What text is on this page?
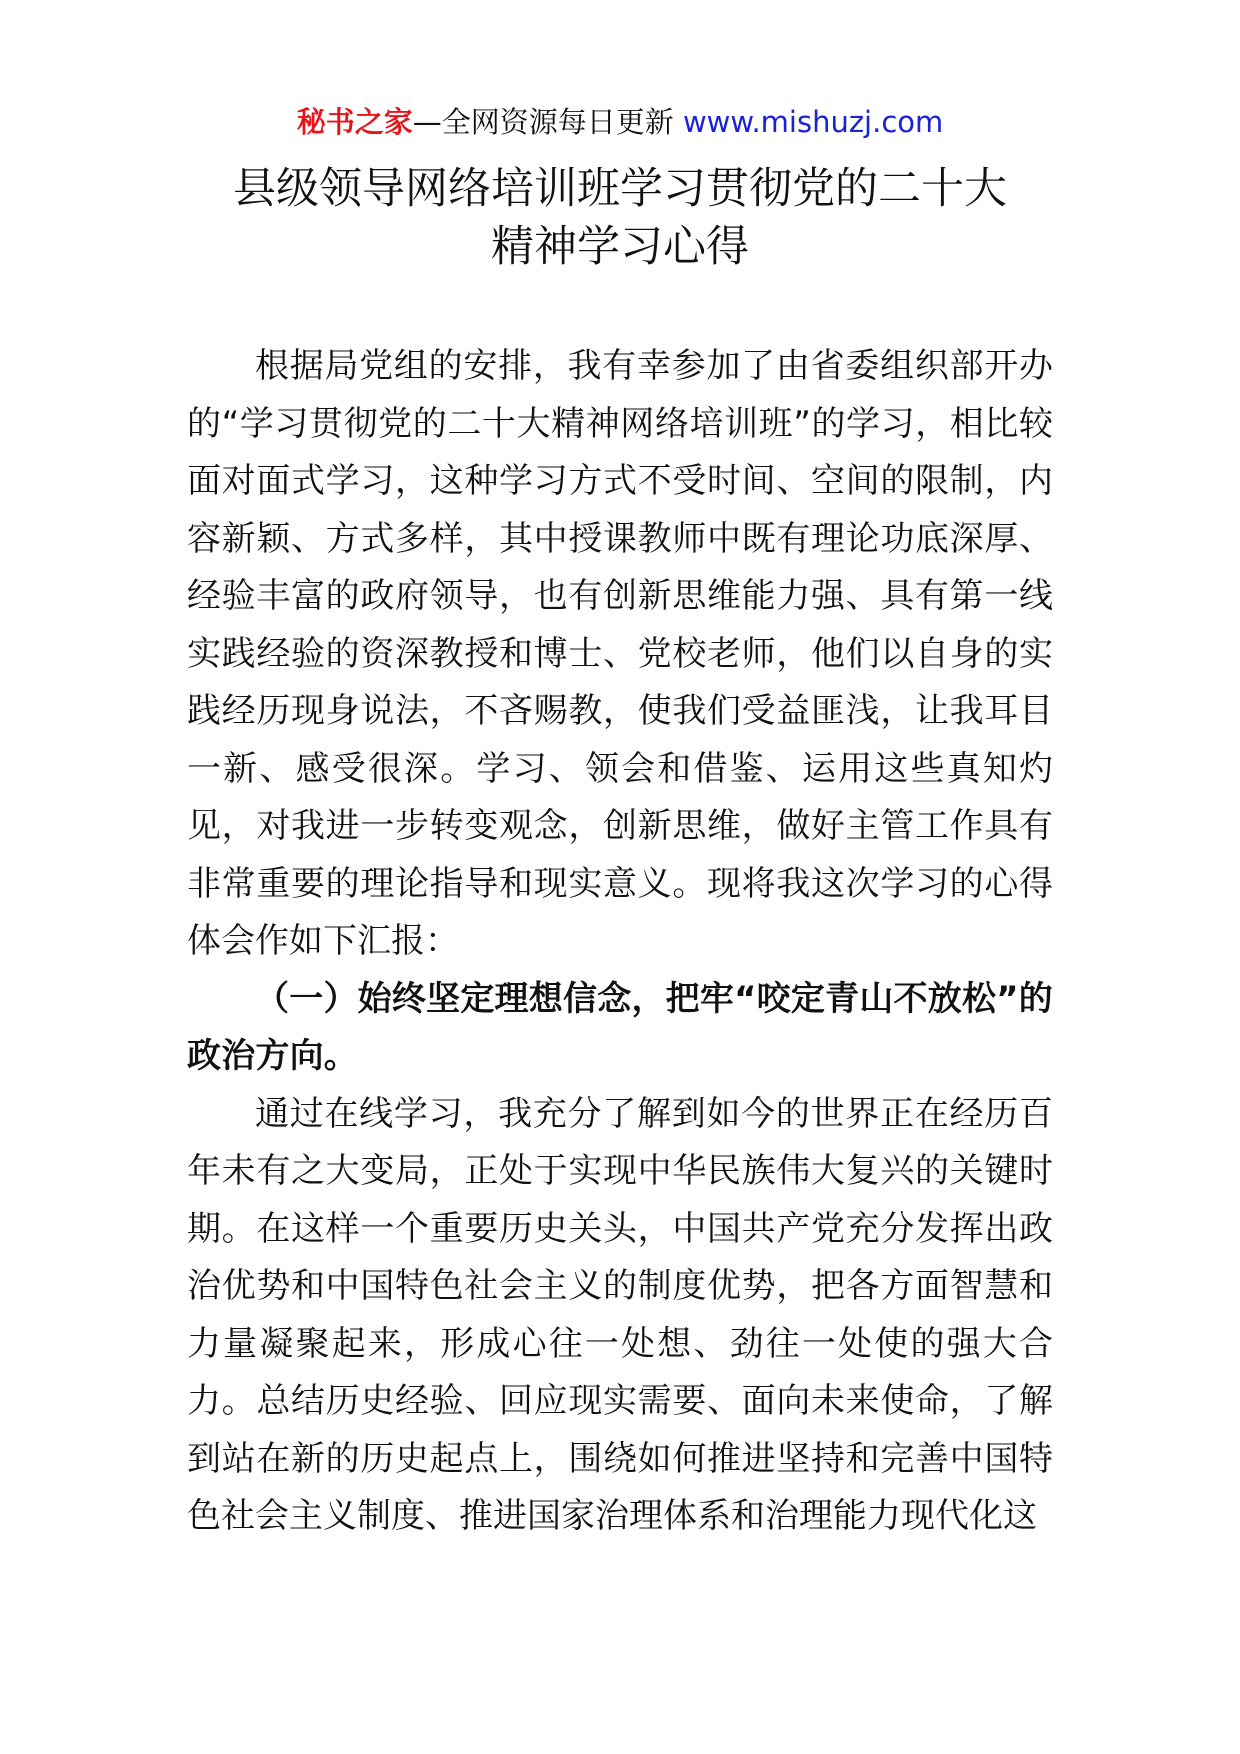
秘书之家—全网资源每日更新 www.mishuzj.com
县级领导网络培训班学习贯彻党的二十大
精神学习心得

根据局党组的安排，我有幸参加了由省委组织部开办的“学习贯彻党的二十大精神网络培训班”的学习，相比较面对面式学习，这种学习方式不受时间、空间的限制，内容新颖、方式多样，其中授课教师中既有理论功底深厚、经验丰富的政府领导，也有创新思维能力强、具有第一线实践经验的资深教授和博士、党校老师，他们以自身的实践经历现身说法，不吝赐教，使我们受益匪浅，让我耳目一新、感受很深。学习、领会和借鉴、运用这些真知灼见，对我进一步转变观念，创新思维，做好主管工作具有非常重要的理论指导和现实意义。现将我这次学习的心得体会作如下汇报：

（一）始终坚定理想信念，把牢“咬定青山不放松”的政治方向。

通过在线学习，我充分了解到如今的世界正在经历百年未有之大变局，正处于实现中华民族伟大复兴的关键时期。在这样一个重要历史关头，中国共产党充分发挥出政治优势和中国特色社会主义的制度优势，把各方面智慧和力量凝聚起来，形成心往一处想、劲往一处使的强大合力。总结历史经验、回应现实需要、面向未来使命，了解到站在新的历史起点上，围绕如何推进坚持和完善中国特色社会主义制度、推进国家治理体系和治理能力现代化这
